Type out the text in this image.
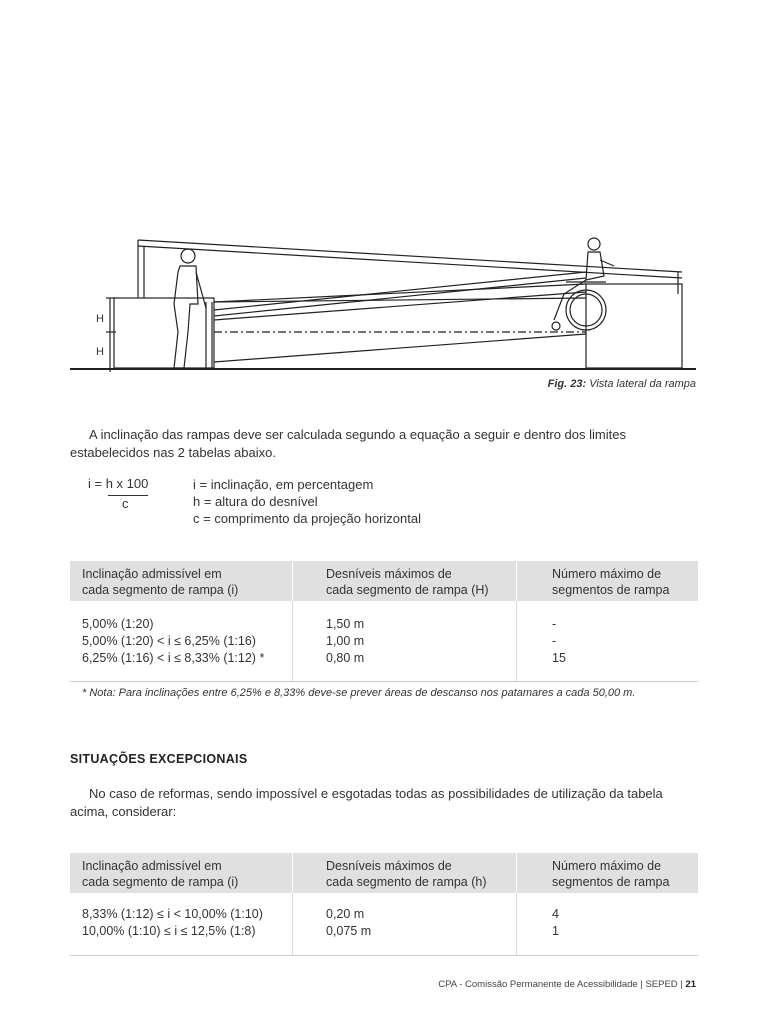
H
H
Fig. 23: Vista lateral da rampa

A inclinação das rampas deve ser calculada segundo a equação a seguir e dentro dos limites estabelecidos nas 2 tabelas abaixo.

i = h x 100
c
i = inclinação, em percentagem
h = altura do desnível
c = comprimento da projeção horizontal
Inclinação admissível em
cada segmento de rampa (i)
Desníveis máximos de
cada segmento de rampa (H)
Número máximo de
segmentos de rampa
5,00% (1:20)
5,00% (1:20) < i ≤ 6,25% (1:16)
6,25% (1:16) < i ≤ 8,33% (1:12) *
1,50 m
1,00 m
0,80 m
-
-
15
* Nota: Para inclinações entre 6,25% e 8,33% deve-se prever áreas de descanso nos patamares a cada 50,00 m.
SITUAÇÕES EXCEPCIONAIS

No caso de reformas, sendo impossível e esgotadas todas as possibilidades de utilização da tabela acima, considerar:

Inclinação admissível em
cada segmento de rampa (i)
Desníveis máximos de
cada segmento de rampa (h)
Número máximo de
segmentos de rampa
8,33% (1:12) ≤ i < 10,00% (1:10)
10,00% (1:10) ≤ i ≤ 12,5% (1:8)
0,20 m
0,075 m
4
1
CPA - Comissão Permanente de Acessibilidade | SEPED | 21
